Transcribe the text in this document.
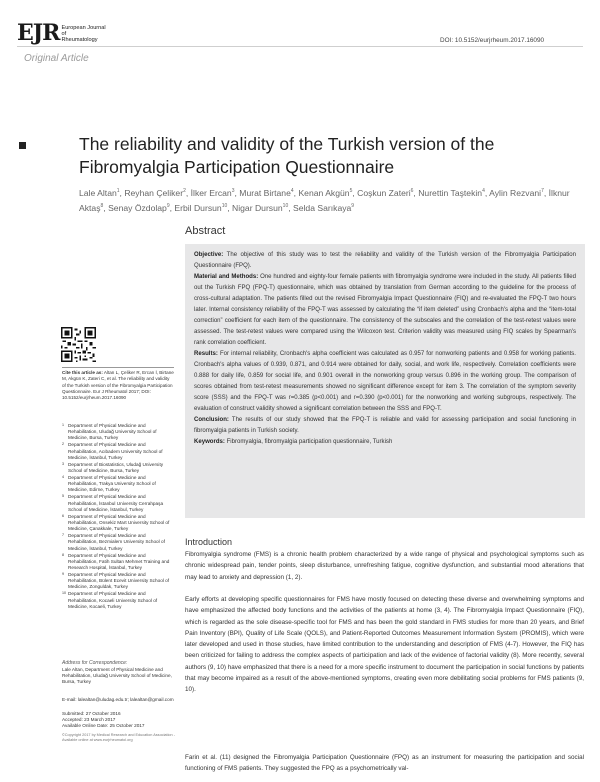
EJR European Journal of
Rheumatology	DOI: 10.5152/eurjrheum.2017.16090
Original Article
The reliability and validity of the Turkish version of the Fibromyalgia Participation Questionnaire
Lale Altan$^1$, Reyhan Çeliker$^2$, İlker Ercan$^3$, Murat Birtane$^4$, Kenan Akgün$^5$, Coşkun Zateri$^6$, Nurettin Taştekin$^4$, Aylin Rezvani$^7$, İlknur Aktaş$^8$, Senay Özdolap$^9$, Erbil Dursun$^{10}$, Nigar Dursun$^{10}$, Selda Sarıkaya$^9$
Abstract

Objective: The objective of this study was to test the reliability and validity of the Turkish version of the Fibromyalgia Participation Questionnaire (FPQ).

Material and Methods: One hundred and eighty-four female patients with fibromyalgia syndrome were included in the study. All patients filled out the Turkish FPQ (FPQ-T) questionnaire, which was obtained by translation from German according to the guideline for the process of cross-cultural adaptation. The patients filled out the revised Fibromyalgia Impact Questionnaire (FIQ) and re-evaluated the FPQ-T two hours later. Internal consistency reliability of the FPQ-T was assessed by calculating the “if item deleted” using Cronbach's alpha and the “item-total correction” coefficient for each item of the questionnaire. The consistency of the subscales and the correlation of the test-retest values were assessed. The test-retest values were compared using the Wilcoxon test. Criterion validity was measured using FIQ scales by Spearman's rank correlation coefficient.

Results: For internal reliability, Cronbach's alpha coefficient was calculated as 0.957 for nonworking patients and 0.958 for working patients. Cronbach's alpha values of 0.939, 0.871, and 0.914 were obtained for daily, social, and work life, respectively. Correlation coefficients were 0.888 for daily life, 0.859 for social life, and 0.901 overall in the nonworking group versus 0.896 in the working group. The comparison of scores obtained from test-retest measurements showed no significant difference except for item 3. The correlation of the symptom severity score (SSS) and the FPQ-T was r=0.385 (p<0.001) and r=0.390 (p<0.001) for the nonworking and working subgroups, respectively. The evaluation of construct validity showed a significant correlation between the SSS and FPQ-T.

Conclusion: The results of our study showed that the FPQ-T is reliable and valid for assessing participation and social functioning in fibromyalgia patients in Turkish society.

Keywords: Fibromyalgia, fibromyalgia participation questionnaire, Turkish

Cite this article as: Altan L, Çeliker R, Ercan İ, Birtane M, Akgün K, Zateri C, et al. The reliability and validity of the Turkish version of the Fibromyalgia Participation Questionnaire. Eur J Rheumatol 2017; DOI: 10.5152/eurjrheum.2017.16090
1 Department of Physical Medicine and Rehabilitation, Uludağ University School of Medicine, Bursa, Turkey
2 Department of Physical Medicine and Rehabilitation, Acıbadem University School of Medicine, İstanbul, Turkey
3 Department of Biostatistics, Uludağ University School of Medicine, Bursa, Turkey
4 Department of Physical Medicine and Rehabilitation, Trakya University School of Medicine, Edirne, Turkey
5 Department of Physical Medicine and Rehabilitation, İstanbul University Cerrahpaşa School of Medicine, İstanbul, Turkey
6 Department of Physical Medicine and Rehabilitation, Onsekiz Mart University School of Medicine, Çanakkale, Turkey
7 Department of Physical Medicine and Rehabilitation, Bezmialem University School of Medicine, İstanbul, Turkey
8 Department of Physical Medicine and Rehabilitation, Fatih Sultan Mehmet Training and Research Hospital, İstanbul, Turkey
9 Department of Physical Medicine and Rehabilitation, Bülent Ecevit University School of Medicine, Zonguldak, Turkey
10 Department of Physical Medicine and Rehabilitation, Kocaeli University School of Medicine, Kocaeli, Turkey
Address for Correspondence:
Lale Altan, Department of Physical Medicine and Rehabilitation, Uludağ University School of Medicine, Bursa, Turkey
E-mail: lalealtan@uludag.edu.tr; lalealtan@gmail.com
Submitted: 27 October 2016
Accepted: 23 March 2017
Available Online Date: 25 October 2017
©Copyright 2017 by Medical Research and Education Association - Available online at www.eurjrheumatol.org
Introduction

Fibromyalgia syndrome (FMS) is a chronic health problem characterized by a wide range of physical and psychological symptoms such as chronic widespread pain, tender points, sleep disturbance, unrefreshing fatigue, cognitive dysfunction, and substantial mood alterations that may lead to anxiety and depression (1, 2).

Early efforts at developing specific questionnaires for FMS have mostly focused on detecting these diverse and overwhelming symptoms and have emphasized the affected body functions and the activities of the patients at home (3, 4). The Fibromyalgia Impact Questionnaire (FIQ), which is regarded as the sole disease-specific tool for FMS and has been the gold standard in FMS studies for more than 20 years, and Brief Pain Inventory (BPI), Quality of Life Scale (QOLS), and Patient-Reported Outcomes Measurement Information System (PROMIS), which were later developed and used in those studies, have limited contribution to the understanding and description of FMS (4-7). However, the FIQ has been criticized for failing to address the complex aspects of participation and lack of the evidence of factorial validity (8). More recently, several authors (9, 10) have emphasized that there is a need for a more specific instrument to document the participation in social functions by patients that may become impaired as a result of the above-mentioned symptoms, creating even more debilitating social problems for FMS patients (9, 10).

Farin et al. (11) designed the Fibromyalgia Participation Questionnaire (FPQ) as an instrument for measuring the participation and social functioning of FMS patients. They suggested the FPQ as a psychometrically val-
